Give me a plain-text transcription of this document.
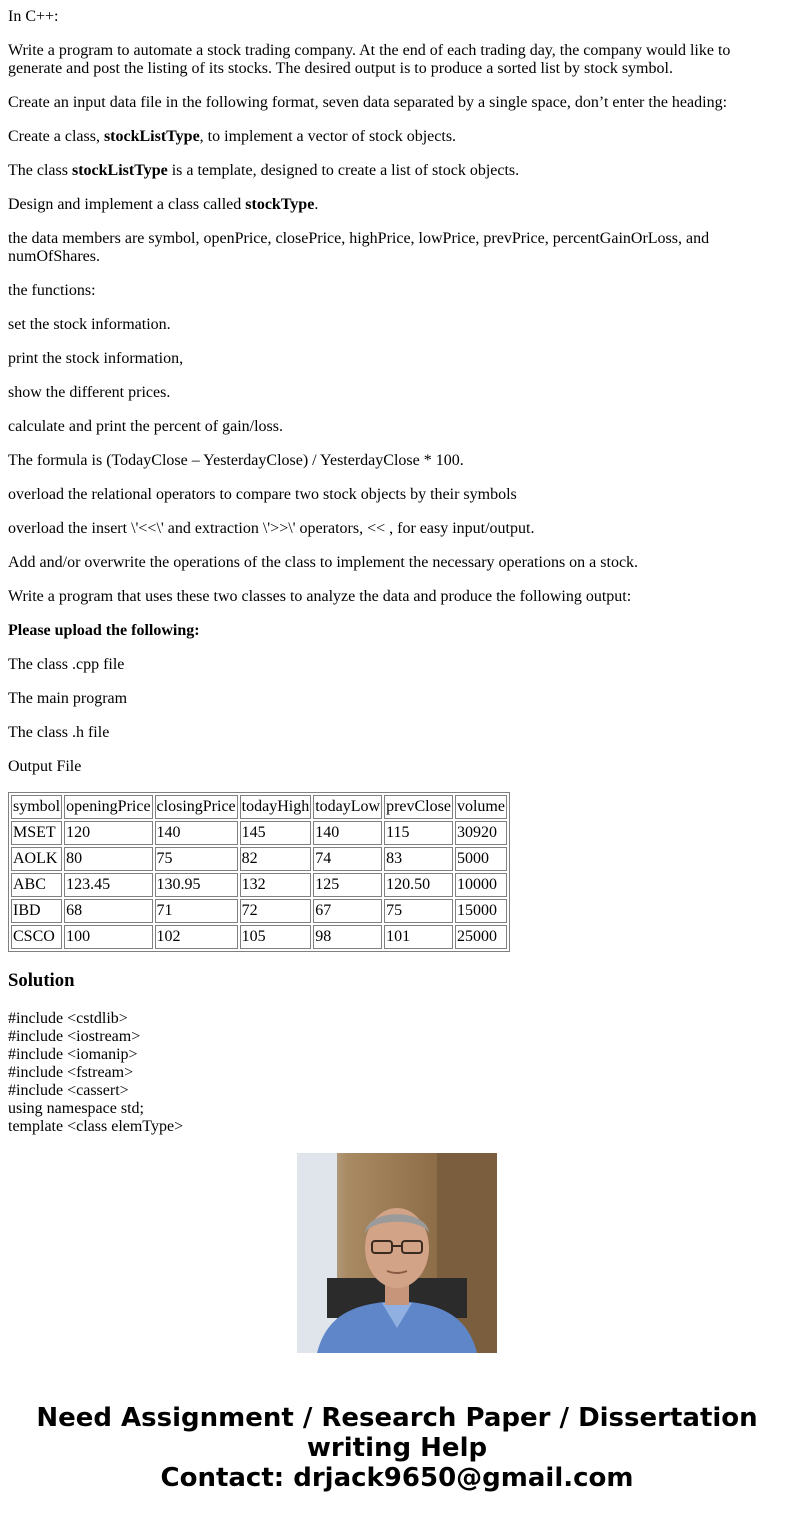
In C++:

Write a program to automate a stock trading company. At the end of each trading day, the company would like to generate and post the listing of its stocks. The desired output is to produce a sorted list by stock symbol.

Create an input data file in the following format, seven data separated by a single space, don’t enter the heading:

Create a class, stockListType, to implement a vector of stock objects.

The class stockListType is a template, designed to create a list of stock objects.

Design and implement a class called stockType.

the data members are symbol, openPrice, closePrice, highPrice, lowPrice, prevPrice, percentGainOrLoss, and numOfShares.

the functions:

set the stock information.

print the stock information,

show the different prices.

calculate and print the percent of gain/loss.

The formula is (TodayClose – YesterdayClose) / YesterdayClose * 100.

overload the relational operators to compare two stock objects by their symbols

overload the insert \'<<\' and extraction \'>>\' operators, << , for easy input/output.

Add and/or overwrite the operations of the class to implement the necessary operations on a stock.

Write a program that uses these two classes to analyze the data and produce the following output:

Please upload the following:

The class .cpp file

The main program

The class .h file

Output File

symbol	openingPrice	closingPrice	todayHigh	todayLow	prevClose	volume
MSET	120	140	145	140	115	30920
AOLK	80	75	82	74	83	5000
ABC	123.45	130.95	132	125	120.50	10000
IBD	68	71	72	67	75	15000
CSCO	100	102	105	98	101	25000
Solution
#include <cstdlib>
#include <iostream>
#include <iomanip>
#include <fstream>
#include <cassert>
using namespace std;
template <class elemType>
Need Assignment / Research Paper / Dissertation
writing Help
Contact: drjack9650@gmail.com
